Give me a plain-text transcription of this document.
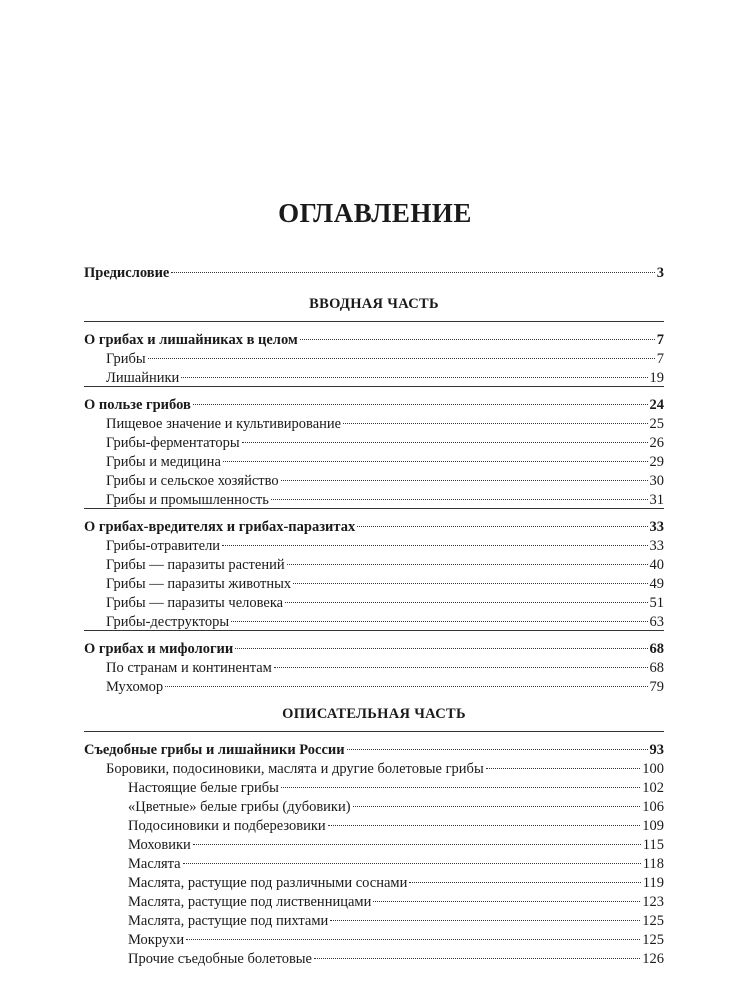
ОГЛАВЛЕНИЕ
Предисловие	3
ВВОДНАЯ ЧАСТЬ
О грибах и лишайниках в целом	7
Грибы	7
Лишайники	19
О пользе грибов	24
Пищевое значение и культивирование	25
Грибы-ферментаторы	26
Грибы и медицина	29
Грибы и сельское хозяйство	30
Грибы и промышленность	31
О грибах-вредителях и грибах-паразитах	33
Грибы-отравители	33
Грибы — паразиты растений	40
Грибы — паразиты животных	49
Грибы — паразиты человека	51
Грибы-деструкторы	63
О грибах и мифологии	68
По странам и континентам	68
Мухомор	79
ОПИСАТЕЛЬНАЯ ЧАСТЬ
Съедобные грибы и лишайники России	93
Боровики, подосиновики, маслята и другие болетовые грибы	100
Настоящие белые грибы	102
«Цветные» белые грибы (дубовики)	106
Подосиновики и подберезовики	109
Моховики	115
Маслята	118
Маслята, растущие под различными соснами	119
Маслята, растущие под лиственницами	123
Маслята, растущие под пихтами	125
Мокрухи	125
Прочие съедобные болетовые	126
